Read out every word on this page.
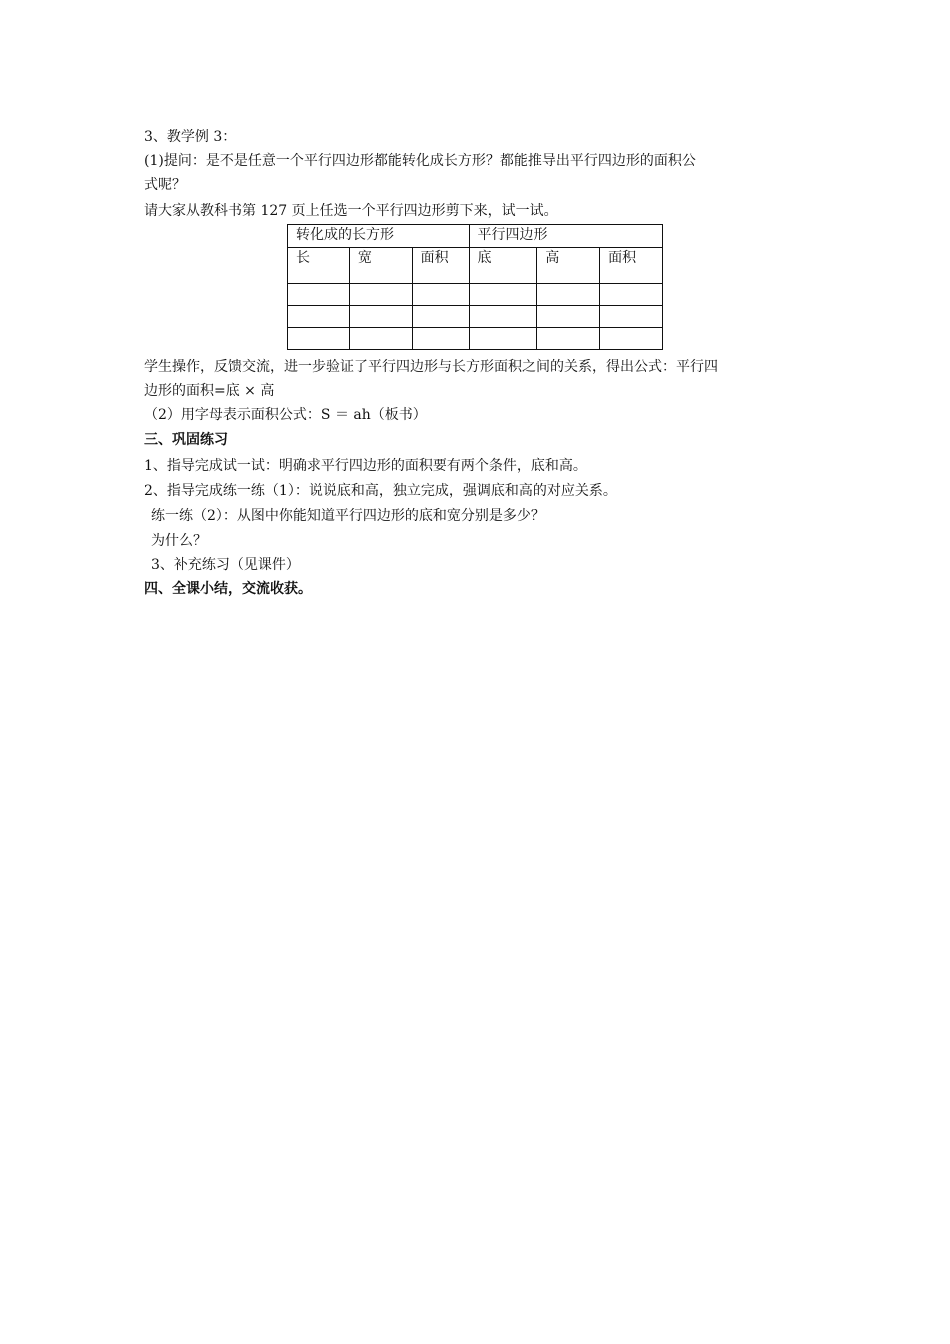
3、教学例 3：
(1)提问：是不是任意一个平行四边形都能转化成长方形？都能推导出平行四边形的面积公
式呢？
请大家从教科书第 127 页上任选一个平行四边形剪下来，试一试。
转化成的长方形			平行四边形		
长	宽	面积	底	高	面积

学生操作，反馈交流，进一步验证了平行四边形与长方形面积之间的关系，得出公式：平行四
边形的面积=底 × 高
（2）用字母表示面积公式：S ＝ ah（板书）
三、巩固练习
1、指导完成试一试：明确求平行四边形的面积要有两个条件，底和高。
2、指导完成练一练（1）：说说底和高，独立完成，强调底和高的对应关系。
练一练（2）：从图中你能知道平行四边形的底和宽分别是多少？
为什么？
3、补充练习（见课件）
四、全课小结，交流收获。
